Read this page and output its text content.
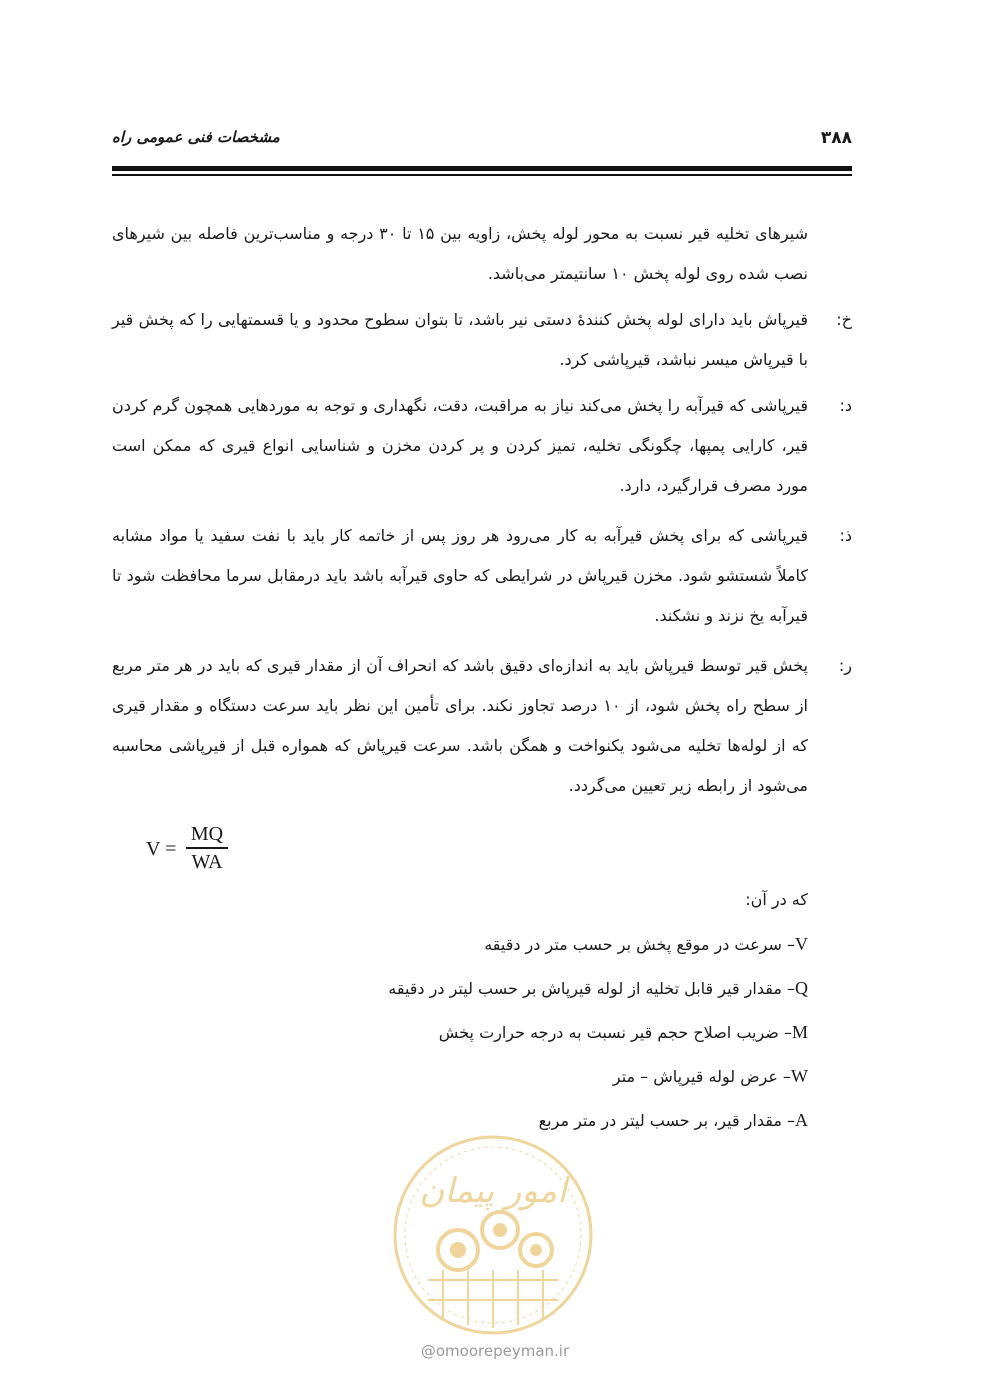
۳۸۸
مشخصات فنی عمومی راه
شیرهای تخلیه قیر نسبت به محور لوله پخش، زاویه بین ۱۵ تا ۳۰ درجه و مناسب‌ترین فاصله بین شیرهای نصب شده روی لوله پخش ۱۰ سانتیمتر می‌باشد.
خ:
قیرپاش باید دارای لوله پخش کنندهٔ دستی نیر باشد، تا بتوان سطوح محدود و یا قسمتهایی را که پخش قیر با قیرپاش میسر نباشد، قیرپاشی کرد.
د:
قیرپاشی که قیرآبه را پخش می‌کند نیاز به مراقبت، دقت، نگهداری و توجه به موردهایی همچون گرم کردن قیر، کارایی پمپها، چگونگی تخلیه، تمیز کردن و پر کردن مخزن و شناسایی انواع قیری که ممکن است مورد مصرف قرارگیرد، دارد.
ذ:
قیرپاشی که برای پخش قیرآبه به کار می‌رود هر روز پس از خاتمه کار باید با نفت سفید یا مواد مشابه کاملاً شستشو شود. مخزن قیرپاش در شرایطی که حاوی قیرآبه باشد باید درمقابل سرما محافظت شود تا قیرآبه یخ نزند و نشکند.
ر:
پخش قیر توسط قیرپاش باید به اندازه‌ای دقیق باشد که انحراف آن از مقدار قیری که باید در هر متر مربع از سطح راه پخش شود، از ۱۰ درصد تجاوز نکند. برای تأمین این نظر باید سرعت دستگاه و مقدار قیری که از لوله‌ها تخلیه می‌شود یکنواخت و همگن باشد. سرعت قیرپاش که همواره قبل از قیرپاشی محاسبه می‌شود از رابطه زیر تعیین می‌گردد.
V =
MQ
WA
که در آن:
V– سرعت در موقع پخش بر حسب متر در دقیقه
Q– مقدار قیر قابل تخلیه از لوله قیرپاش بر حسب لیتر در دقیقه
M– ضریب اصلاح حجم قیر نسبت به درجه حرارت پخش
W– عرض لوله قیرپاش – متر
A– مقدار قیر، بر حسب لیتر در متر مربع
امور پیمان
@omoorepeyman.ir
